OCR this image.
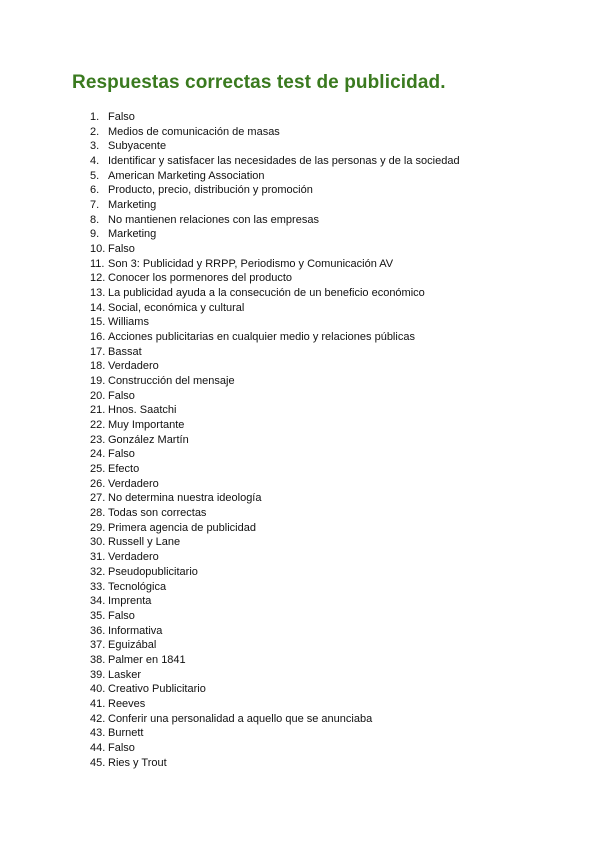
Respuestas correctas test de publicidad.
1. Falso
2. Medios de comunicación de masas
3. Subyacente
4. Identificar y satisfacer las necesidades de las personas y de la sociedad
5. American Marketing Association
6. Producto, precio, distribución y promoción
7. Marketing
8. No mantienen relaciones con las empresas
9. Marketing
10. Falso
11. Son 3: Publicidad y RRPP, Periodismo y Comunicación AV
12. Conocer los pormenores del producto
13. La publicidad ayuda a la consecución de un beneficio económico
14. Social, económica y cultural
15. Williams
16. Acciones publicitarias en cualquier medio y relaciones públicas
17. Bassat
18. Verdadero
19. Construcción del mensaje
20. Falso
21. Hnos. Saatchi
22. Muy Importante
23. González Martín
24. Falso
25. Efecto
26. Verdadero
27. No determina nuestra ideología
28. Todas son correctas
29. Primera agencia de publicidad
30. Russell y Lane
31. Verdadero
32. Pseudopublicitario
33. Tecnológica
34. Imprenta
35. Falso
36. Informativa
37. Eguizábal
38. Palmer en 1841
39. Lasker
40. Creativo Publicitario
41. Reeves
42. Conferir una personalidad a aquello que se anunciaba
43. Burnett
44. Falso
45. Ries y Trout
